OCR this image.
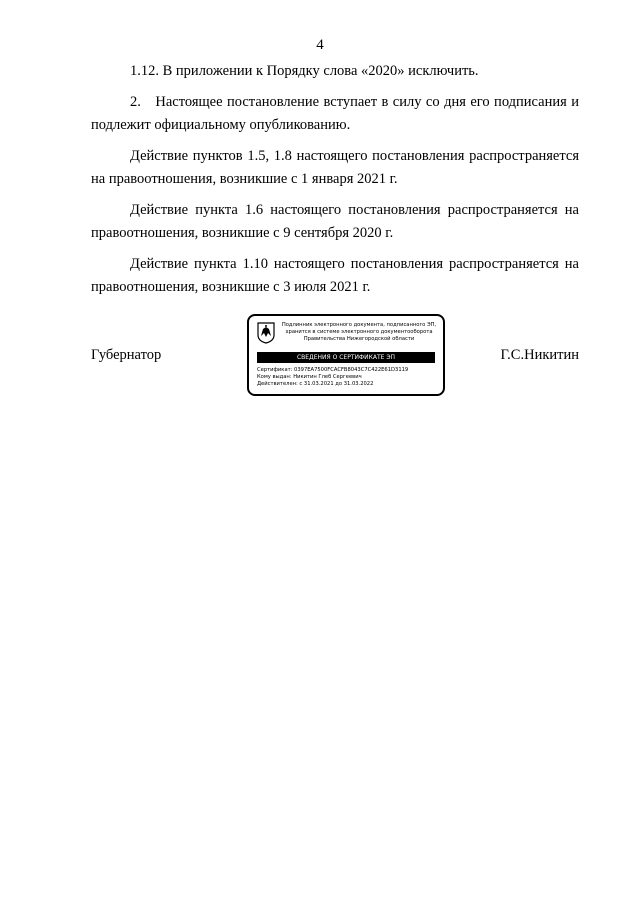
4

1.12. В приложении к Порядку слова «2020» исключить.

2. Настоящее постановление вступает в силу со дня его подписания и подлежит официальному опубликованию.

Действие пунктов 1.5, 1.8 настоящего постановления распространяется на правоотношения, возникшие с 1 января 2021 г.

Действие пункта 1.6 настоящего постановления распространяется на правоотношения, возникшие с 9 сентября 2020 г.

Действие пункта 1.10 настоящего постановления распространяется на правоотношения, возникшие с 3 июля 2021 г.

Губернатор
Подлинник электронного документа, подписанного ЭП,
хранится в системе электронного документооборота
Правительства Нижегородской области
СВЕДЕНИЯ О СЕРТИФИКАТЕ ЭП
Сертификат: 0397EA7500FCACFB8043C7C422E61D3119
Кому выдан: Никитин Глеб Сергеевич
Действителен: с 31.03.2021 до 31.03.2022
Г.С.Никитин
